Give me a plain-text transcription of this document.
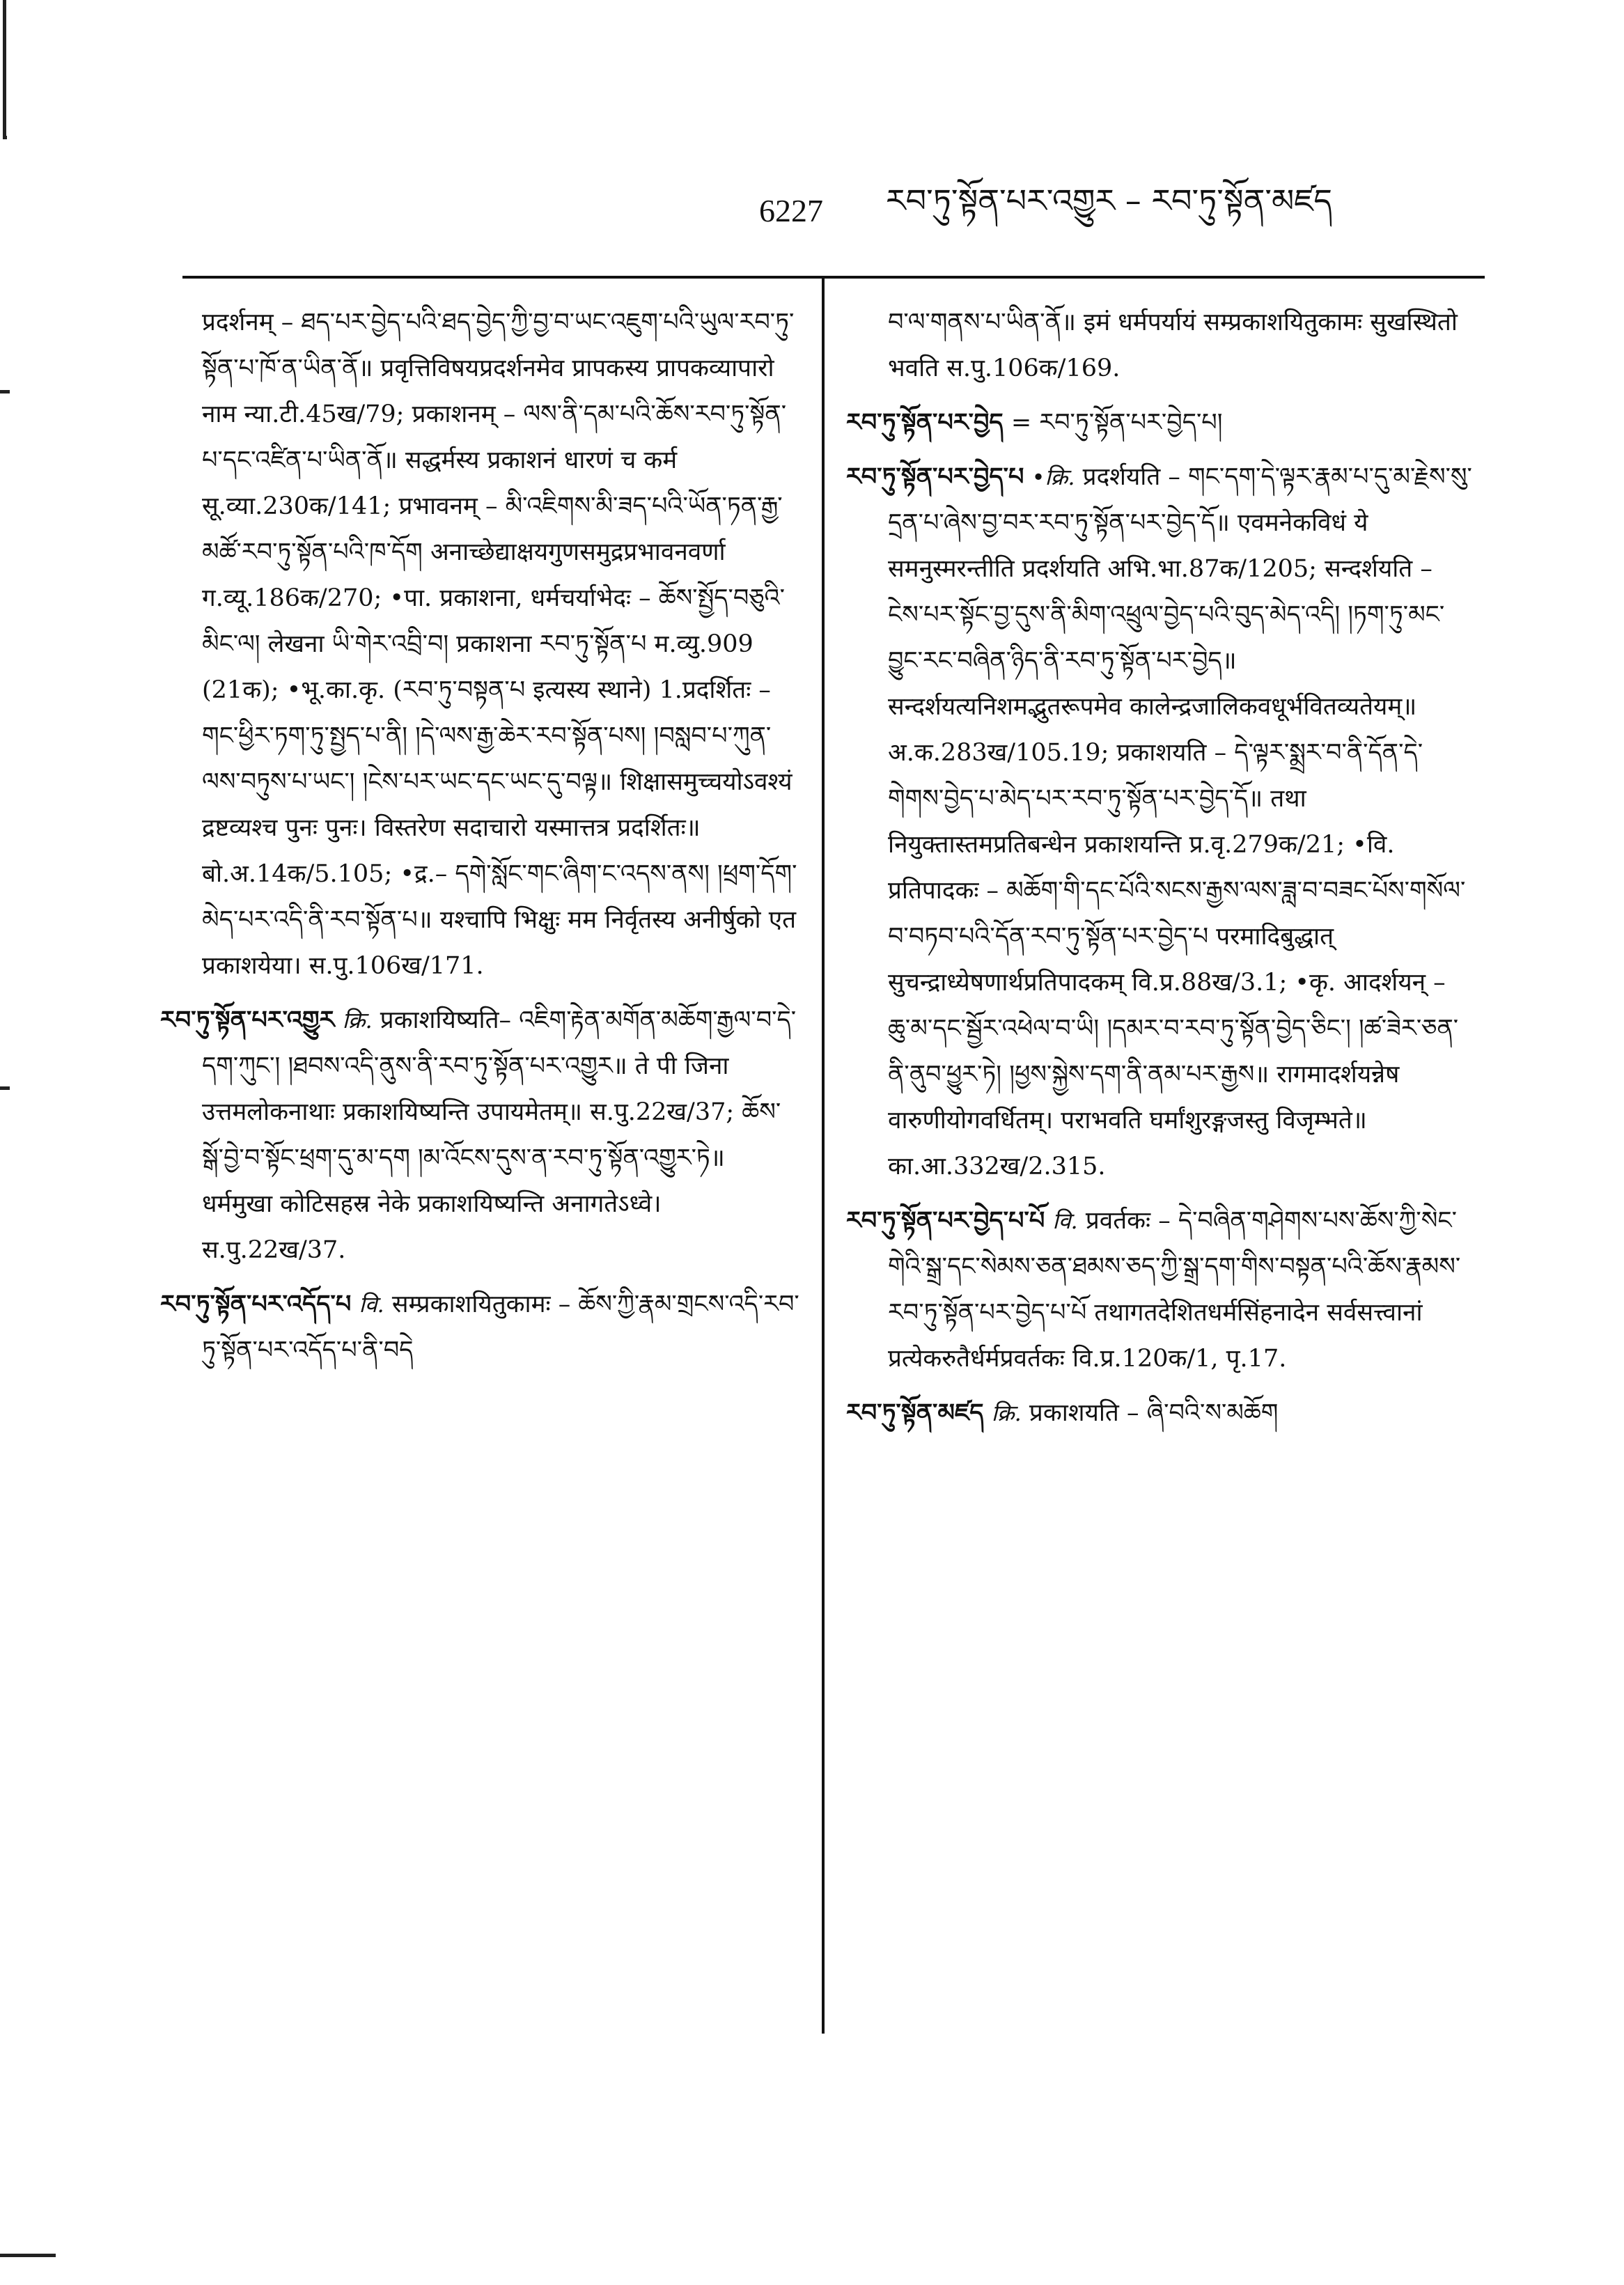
6227 རབ་ཏུ་སྟོན་པར་འགྱུར – རབ་ཏུ་སྟོན་མཛད
प्रदर्शनम् – ཐད་པར་བྱེད་པའི་ཐད་བྱེད་ཀྱི་བྱ་བ་ཡང་འཇུག་པའི་ཡུལ་རབ་ཏུ་སྟོན་པ་ཁོ་ན་ཡིན་ནོ॥ प्रवृत्तिविषयप्रदर्शनमेव प्रापकस्य प्रापकव्यापारो नाम न्या.टी.45ख/79; प्रकाशनम् – ལས་ནི་དམ་པའི་ཆོས་རབ་ཏུ་སྟོན་པ་དང་འཛིན་པ་ཡིན་ནོ॥ सद्धर्मस्य प्रकाशनं धारणं च कर्म सू.व्या.230क/141; प्रभावनम् – མི་འཇིགས་མི་ཟད་པའི་ཡོན་ཏན་རྒྱ་མཚོ་རབ་ཏུ་སྟོན་པའི་ཁ་དོག अनाच्छेद्याक्षयगुणसमुद्रप्रभावनवर्णा ग.व्यू.186क/270; •पा. प्रकाशना, धर्मचर्याभेदः – ཆོས་སྤྱོད་བཅུའི་མིང་ལ། लेखना ཡི་གེར་འབྲི་བ། प्रकाशना རབ་ཏུ་སྟོན་པ म.व्यु.909 (21क); •भू.का.कृ. (རབ་ཏུ་བསྟན་པ इत्यस्य स्थाने) 1.प्रदर्शितः – གང་ཕྱིར་ཏག་ཏུ་སྤྱད་པ་ནི། །དེ་ལས་རྒྱ་ཆེར་རབ་སྟོན་པས། །བསླབ་པ་ཀུན་ལས་བཏུས་པ་ཡང་། །ངེས་པར་ཡང་དང་ཡང་དུ་བལྟ॥ शिक्षासमुच्चयोऽवश्यं द्रष्टव्यश्च पुनः पुनः। विस्तरेण सदाचारो यस्मात्तत्र प्रदर्शितः॥ बो.अ.14क/5.105; •द्र.– དགེ་སློང་གང་ཞིག་ང་འདས་ནས། །ཕྲག་དོག་མེད་པར་འདི་ནི་རབ་སྟོན་པ॥ यश्चापि भिक्षुः मम निर्वृतस्य अनीर्षुको एत प्रकाशयेया। स.पु.106ख/171.
རབ་ཏུ་སྟོན་པར་འགྱུར क्रि. प्रकाशयिष्यति– འཇིག་རྟེན་མགོན་མཆོག་རྒྱལ་བ་དེ་དག་ཀུང་། །ཐབས་འདི་ནུས་ནི་རབ་ཏུ་སྟོན་པར་འགྱུར॥ ते पी जिना उत्तमलोकनाथाः प्रकाशयिष्यन्ति उपायमेतम्॥ स.पु.22ख/37; ཆོས་སྒོ་བྱེ་བ་སྟོང་ཕྲག་དུ་མ་དག །མ་འོངས་དུས་ན་རབ་ཏུ་སྟོན་འགྱུར་ཏེ॥ धर्ममुखा कोटिसहस्र नेके प्रकाशयिष्यन्ति अनागतेऽध्वे। स.पु.22ख/37.
རབ་ཏུ་སྟོན་པར་འདོད་པ वि. सम्प्रकाशयितुकामः – ཆོས་ཀྱི་རྣམ་གྲངས་འདི་རབ་ཏུ་སྟོན་པར་འདོད་པ་ནི་བདེ
བ་ལ་གནས་པ་ཡིན་ནོ॥ इमं धर्मपर्यायं सम्प्रकाशयितुकामः सुखस्थितो भवति स.पु.106क/169.
རབ་ཏུ་སྟོན་པར་བྱེད = རབ་ཏུ་སྟོན་པར་བྱེད་པ།
རབ་ཏུ་སྟོན་པར་བྱེད་པ •क्रि. प्रदर्शयति – གང་དག་དེ་ལྟར་རྣམ་པ་དུ་མ་རྗེས་སུ་དྲན་པ་ཞེས་བྱ་བར་རབ་ཏུ་སྟོན་པར་བྱེད་དོ॥ एवमनेकविधं ये समनुस्मरन्तीति प्रदर्शयति अभि.भा.87क/1205; सन्दर्शयति – ངེས་པར་སྟོང་བྱ་དུས་ནི་མིག་འཕྲུལ་བྱེད་པའི་བུད་མེད་འདི། །ཏག་ཏུ་མང་བྱུང་རང་བཞིན་ཉིད་ནི་རབ་ཏུ་སྟོན་པར་བྱེད॥ सन्दर्शयत्यनिशमद्भुतरूपमेव कालेन्द्रजालिकवधूर्भवितव्यतेयम्॥ अ.क.283ख/105.19; प्रकाशयति – དེ་ལྟར་སྨྲར་བ་ནི་དོན་དེ་གེགས་བྱེད་པ་མེད་པར་རབ་ཏུ་སྟོན་པར་བྱེད་དོ॥ तथा नियुक्तास्तमप्रतिबन्धेन प्रकाशयन्ति प्र.वृ.279क/21; •वि. प्रतिपादकः – མཆོག་གི་དང་པོའི་སངས་རྒྱས་ལས་ཟླ་བ་བཟང་པོས་གསོལ་བ་བཏབ་པའི་དོན་རབ་ཏུ་སྟོན་པར་བྱེད་པ परमादिबुद्धात् सुचन्द्राध्येषणार्थप्रतिपादकम् वि.प्र.88ख/3.1; •कृ. आदर्शयन् – ཆུ་མ་དང་སྦྱོར་འཕེལ་བ་ཡི། །དམར་བ་རབ་ཏུ་སྟོན་བྱེད་ཅིང་། །ཚ་ཟེར་ཅན་ནི་ནུབ་ཕྱུར་ཏེ། །ཕྱས་སྐྱེས་དག་ནི་ནམ་པར་རྒྱས॥ रागमादर्शयन्नेष वारुणीयोगवर्धितम्। पराभवति घर्मांशुरङ्गजस्तु विजृम्भते॥ का.आ.332ख/2.315.
རབ་ཏུ་སྟོན་པར་བྱེད་པ་པོ वि. प्रवर्तकः – དེ་བཞིན་གཤེགས་པས་ཆོས་ཀྱི་སེང་གེའི་སྒྲ་དང་སེམས་ཅན་ཐམས་ཅད་ཀྱི་སྒྲ་དག་གིས་བསྟན་པའི་ཆོས་རྣམས་རབ་ཏུ་སྟོན་པར་བྱེད་པ་པོ तथागतदेशितधर्मसिंहनादेन सर्वसत्त्वानां प्रत्येकरुतैर्धर्मप्रवर्तकः वि.प्र.120क/1, पृ.17.
རབ་ཏུ་སྟོན་མཛད क्रि. प्रकाशयति – ཞི་བའི་ས་མཆོག
